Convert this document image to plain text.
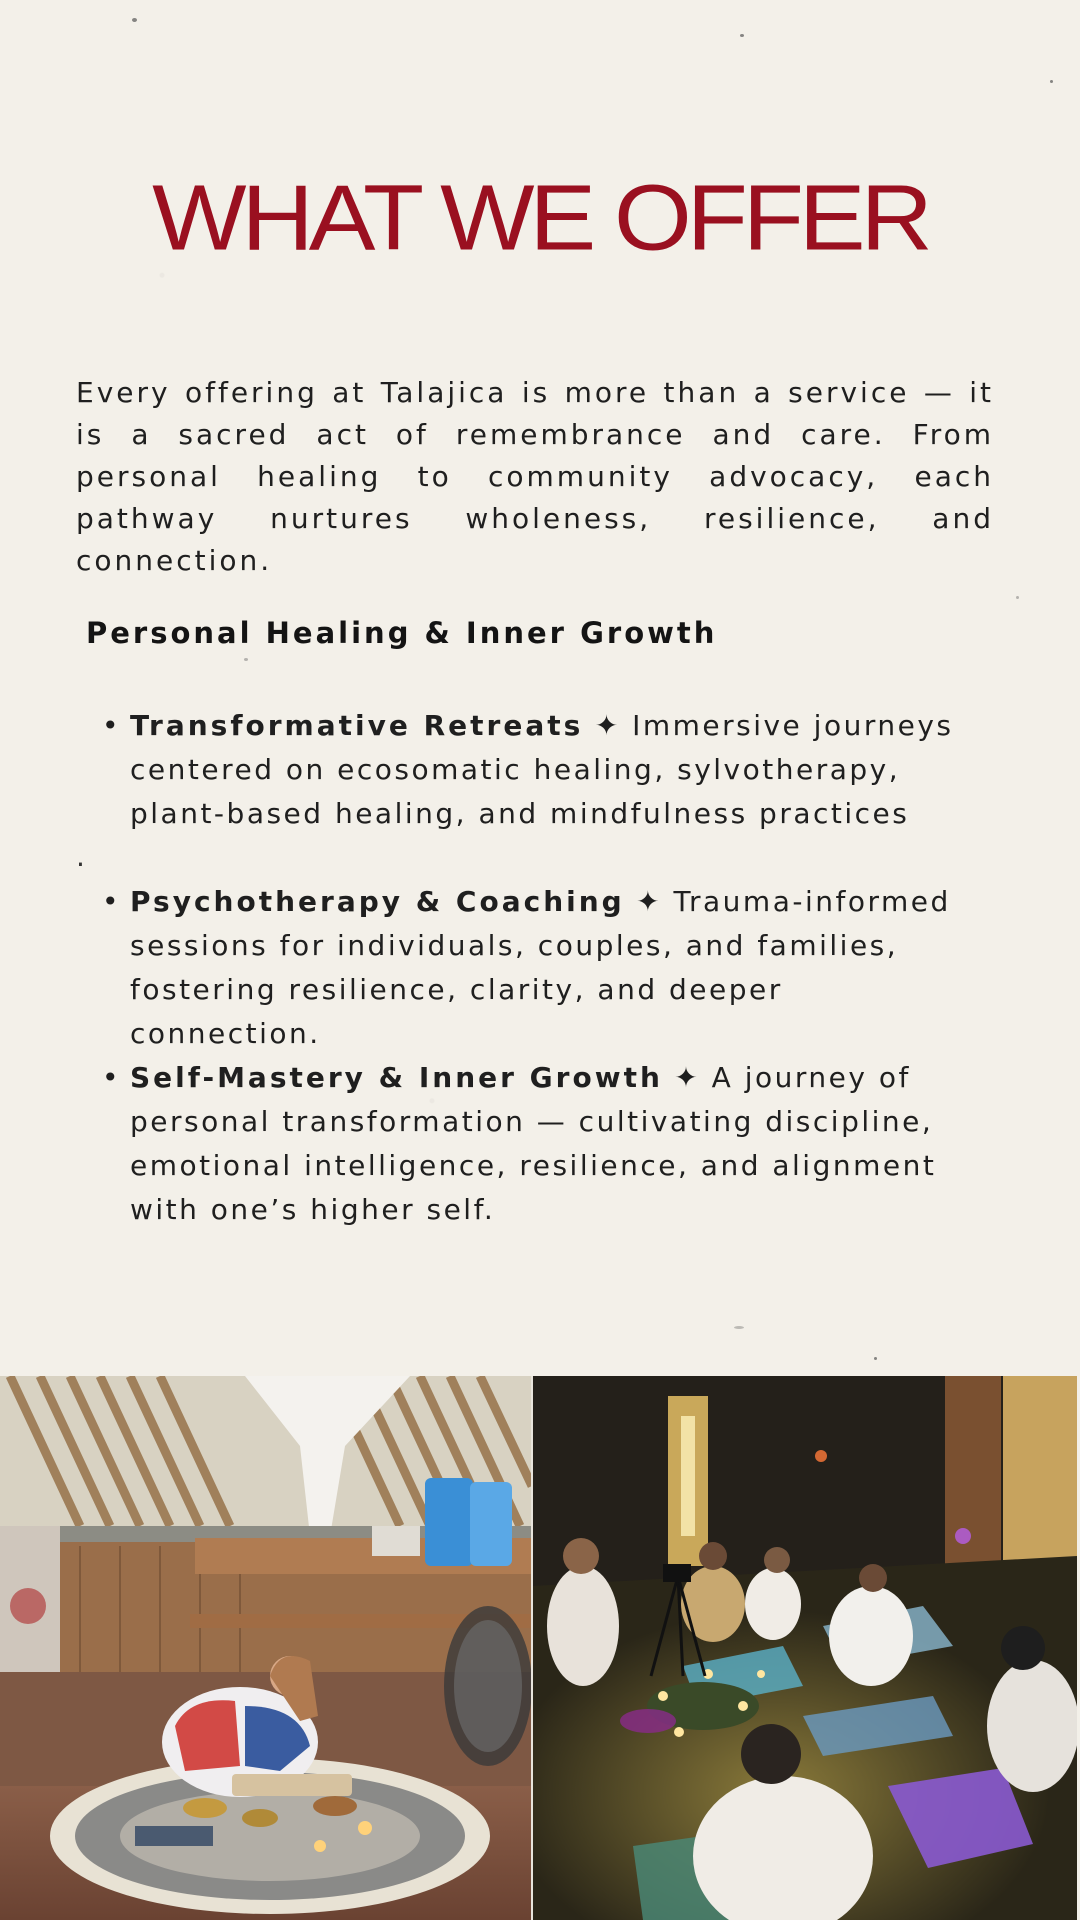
WHAT WE OFFER

Every offering at Talajica is more than a service — it is a sacred act of remembrance and care. From personal healing to community advocacy, each pathway nurtures wholeness, resilience, and connection.

Personal Healing & Inner Growth
• Transformative Retreats ✦ Immersive journeys centered on ecosomatic healing, sylvotherapy, plant-based healing, and mindfulness practices
.
• Psychotherapy & Coaching ✦ Trauma-informed sessions for individuals, couples, and families, fostering resilience, clarity, and deeper connection.
• Self-Mastery & Inner Growth ✦ A journey of personal transformation — cultivating discipline, emotional intelligence, resilience, and alignment with one’s higher self.
